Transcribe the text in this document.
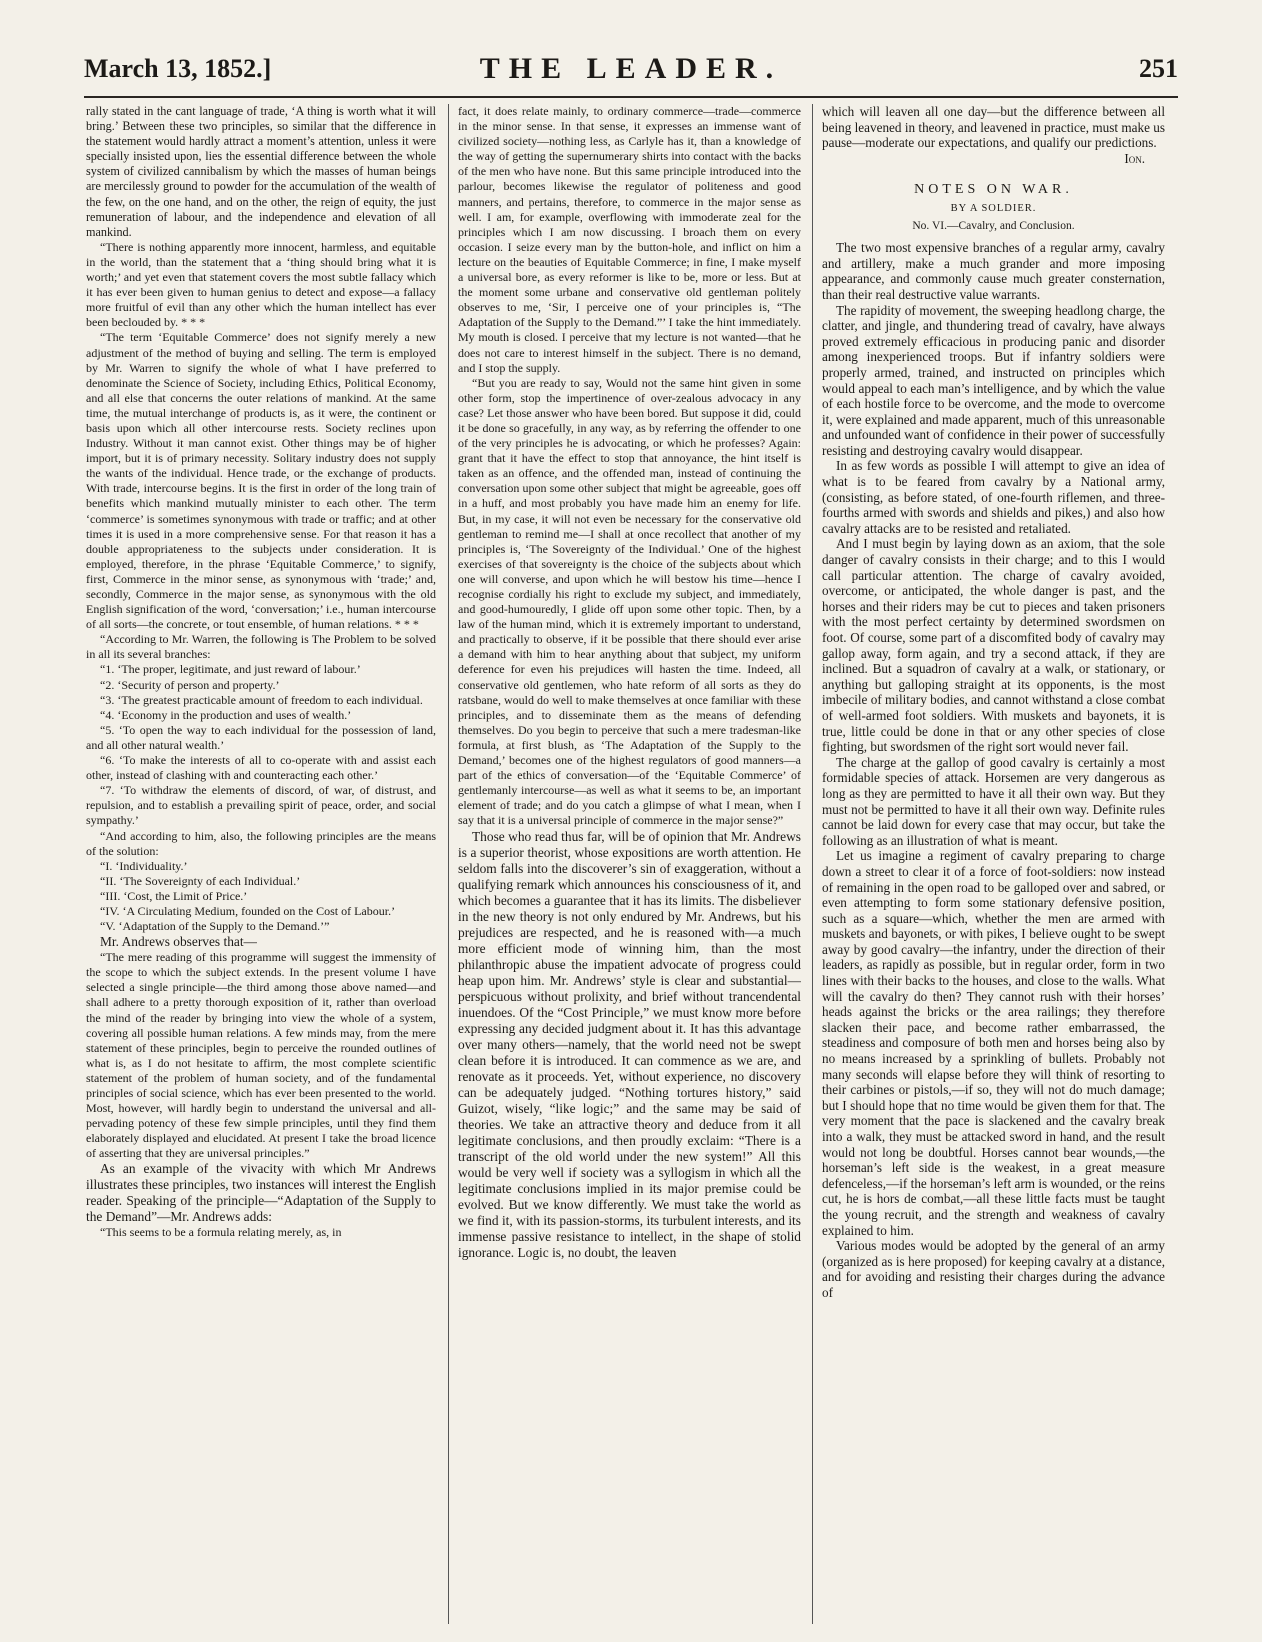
March 13, 1852.]	THE LEADER.	251

rally stated in the cant language of trade, ‘A thing is worth what it will bring.’ Between these two principles, so similar that the difference in the statement would hardly attract a moment’s attention, unless it were specially insisted upon, lies the essential difference between the whole system of civilized cannibalism by which the masses of human beings are mercilessly ground to powder for the accumulation of the wealth of the few, on the one hand, and on the other, the reign of equity, the just remuneration of labour, and the independence and elevation of all mankind.

“There is nothing apparently more innocent, harmless, and equitable in the world, than the statement that a ‘thing should bring what it is worth;’ and yet even that statement covers the most subtle fallacy which it has ever been given to human genius to detect and expose—a fallacy more fruitful of evil than any other which the human intellect has ever been beclouded by. * * *

“The term ‘Equitable Commerce’ does not signify merely a new adjustment of the method of buying and selling. The term is employed by Mr. Warren to signify the whole of what I have preferred to denominate the Science of Society, including Ethics, Political Economy, and all else that concerns the outer relations of mankind. At the same time, the mutual interchange of products is, as it were, the continent or basis upon which all other intercourse rests. Society reclines upon Industry. Without it man cannot exist. Other things may be of higher import, but it is of primary necessity. Solitary industry does not supply the wants of the individual. Hence trade, or the exchange of products. With trade, intercourse begins. It is the first in order of the long train of benefits which mankind mutually minister to each other. The term ‘commerce’ is sometimes synonymous with trade or traffic; and at other times it is used in a more comprehensive sense. For that reason it has a double appropriateness to the subjects under consideration. It is employed, therefore, in the phrase ‘Equitable Commerce,’ to signify, first, Commerce in the minor sense, as synonymous with ‘trade;’ and, secondly, Commerce in the major sense, as synonymous with the old English signification of the word, ‘conversation;’ i.e., human intercourse of all sorts—the concrete, or tout ensemble, of human relations. * * *

“According to Mr. Warren, the following is The Problem to be solved in all its several branches:

“1. ‘The proper, legitimate, and just reward of labour.’

“2. ‘Security of person and property.’

“3. ‘The greatest practicable amount of freedom to each individual.

“4. ‘Economy in the production and uses of wealth.’

“5. ‘To open the way to each individual for the possession of land, and all other natural wealth.’

“6. ‘To make the interests of all to co-operate with and assist each other, instead of clashing with and counteracting each other.’

“7. ‘To withdraw the elements of discord, of war, of distrust, and repulsion, and to establish a prevailing spirit of peace, order, and social sympathy.’

“And according to him, also, the following principles are the means of the solution:

“I. ‘Individuality.’

“II. ‘The Sovereignty of each Individual.’

“III. ‘Cost, the Limit of Price.’

“IV. ‘A Circulating Medium, founded on the Cost of Labour.’

“V. ‘Adaptation of the Supply to the Demand.’”

Mr. Andrews observes that—

“The mere reading of this programme will suggest the immensity of the scope to which the subject extends. In the present volume I have selected a single principle—the third among those above named—and shall adhere to a pretty thorough exposition of it, rather than overload the mind of the reader by bringing into view the whole of a system, covering all possible human relations. A few minds may, from the mere statement of these principles, begin to perceive the rounded outlines of what is, as I do not hesitate to affirm, the most complete scientific statement of the problem of human society, and of the fundamental principles of social science, which has ever been presented to the world. Most, however, will hardly begin to understand the universal and all-pervading potency of these few simple principles, until they find them elaborately displayed and elucidated. At present I take the broad licence of asserting that they are universal principles.”

As an example of the vivacity with which Mr Andrews illustrates these principles, two instances will interest the English reader. Speaking of the principle—“Adaptation of the Supply to the Demand”—Mr. Andrews adds:

“This seems to be a formula relating merely, as, in

fact, it does relate mainly, to ordinary commerce—trade—commerce in the minor sense. In that sense, it expresses an immense want of civilized society—nothing less, as Carlyle has it, than a knowledge of the way of getting the supernumerary shirts into contact with the backs of the men who have none. But this same principle introduced into the parlour, becomes likewise the regulator of politeness and good manners, and pertains, therefore, to commerce in the major sense as well. I am, for example, overflowing with immoderate zeal for the principles which I am now discussing. I broach them on every occasion. I seize every man by the button-hole, and inflict on him a lecture on the beauties of Equitable Commerce; in fine, I make myself a universal bore, as every reformer is like to be, more or less. But at the moment some urbane and conservative old gentleman politely observes to me, ‘Sir, I perceive one of your principles is, “The Adaptation of the Supply to the Demand.”’ I take the hint immediately. My mouth is closed. I perceive that my lecture is not wanted—that he does not care to interest himself in the subject. There is no demand, and I stop the supply.

“But you are ready to say, Would not the same hint given in some other form, stop the impertinence of over-zealous advocacy in any case? Let those answer who have been bored. But suppose it did, could it be done so gracefully, in any way, as by referring the offender to one of the very principles he is advocating, or which he professes? Again: grant that it have the effect to stop that annoyance, the hint itself is taken as an offence, and the offended man, instead of continuing the conversation upon some other subject that might be agreeable, goes off in a huff, and most probably you have made him an enemy for life. But, in my case, it will not even be necessary for the conservative old gentleman to remind me—I shall at once recollect that another of my principles is, ‘The Sovereignty of the Individual.’ One of the highest exercises of that sovereignty is the choice of the subjects about which one will converse, and upon which he will bestow his time—hence I recognise cordially his right to exclude my subject, and immediately, and good-humouredly, I glide off upon some other topic. Then, by a law of the human mind, which it is extremely important to understand, and practically to observe, if it be possible that there should ever arise a demand with him to hear anything about that subject, my uniform deference for even his prejudices will hasten the time. Indeed, all conservative old gentlemen, who hate reform of all sorts as they do ratsbane, would do well to make themselves at once familiar with these principles, and to disseminate them as the means of defending themselves. Do you begin to perceive that such a mere tradesman-like formula, at first blush, as ‘The Adaptation of the Supply to the Demand,’ becomes one of the highest regulators of good manners—a part of the ethics of conversation—of the ‘Equitable Commerce’ of gentlemanly intercourse—as well as what it seems to be, an important element of trade; and do you catch a glimpse of what I mean, when I say that it is a universal principle of commerce in the major sense?”

Those who read thus far, will be of opinion that Mr. Andrews is a superior theorist, whose expositions are worth attention. He seldom falls into the discoverer’s sin of exaggeration, without a qualifying remark which announces his consciousness of it, and which becomes a guarantee that it has its limits. The disbeliever in the new theory is not only endured by Mr. Andrews, but his prejudices are respected, and he is reasoned with—a much more efficient mode of winning him, than the most philanthropic abuse the impatient advocate of progress could heap upon him. Mr. Andrews’ style is clear and substantial—perspicuous without prolixity, and brief without trancendental inuendoes. Of the “Cost Principle,” we must know more before expressing any decided judgment about it. It has this advantage over many others—namely, that the world need not be swept clean before it is introduced. It can commence as we are, and renovate as it proceeds. Yet, without experience, no discovery can be adequately judged. “Nothing tortures history,” said Guizot, wisely, “like logic;” and the same may be said of theories. We take an attractive theory and deduce from it all legitimate conclusions, and then proudly exclaim: “There is a transcript of the old world under the new system!” All this would be very well if society was a syllogism in which all the legitimate conclusions implied in its major premise could be evolved. But we know differently. We must take the world as we find it, with its passion-storms, its turbulent interests, and its immense passive resistance to intellect, in the shape of stolid ignorance. Logic is, no doubt, the leaven

which will leaven all one day—but the difference between all being leavened in theory, and leavened in practice, must make us pause—moderate our expectations, and qualify our predictions.

Ion.
NOTES ON WAR.
BY A SOLDIER.
No. VI.—Cavalry, and Conclusion.

The two most expensive branches of a regular army, cavalry and artillery, make a much grander and more imposing appearance, and commonly cause much greater consternation, than their real destructive value warrants.

The rapidity of movement, the sweeping headlong charge, the clatter, and jingle, and thundering tread of cavalry, have always proved extremely efficacious in producing panic and disorder among inexperienced troops. But if infantry soldiers were properly armed, trained, and instructed on principles which would appeal to each man’s intelligence, and by which the value of each hostile force to be overcome, and the mode to overcome it, were explained and made apparent, much of this unreasonable and unfounded want of confidence in their power of successfully resisting and destroying cavalry would disappear.

In as few words as possible I will attempt to give an idea of what is to be feared from cavalry by a National army, (consisting, as before stated, of one-fourth riflemen, and three-fourths armed with swords and shields and pikes,) and also how cavalry attacks are to be resisted and retaliated.

And I must begin by laying down as an axiom, that the sole danger of cavalry consists in their charge; and to this I would call particular attention. The charge of cavalry avoided, overcome, or anticipated, the whole danger is past, and the horses and their riders may be cut to pieces and taken prisoners with the most perfect certainty by determined swordsmen on foot. Of course, some part of a discomfited body of cavalry may gallop away, form again, and try a second attack, if they are inclined. But a squadron of cavalry at a walk, or stationary, or anything but galloping straight at its opponents, is the most imbecile of military bodies, and cannot withstand a close combat of well-armed foot soldiers. With muskets and bayonets, it is true, little could be done in that or any other species of close fighting, but swordsmen of the right sort would never fail.

The charge at the gallop of good cavalry is certainly a most formidable species of attack. Horsemen are very dangerous as long as they are permitted to have it all their own way. But they must not be permitted to have it all their own way. Definite rules cannot be laid down for every case that may occur, but take the following as an illustration of what is meant.

Let us imagine a regiment of cavalry preparing to charge down a street to clear it of a force of foot-soldiers: now instead of remaining in the open road to be galloped over and sabred, or even attempting to form some stationary defensive position, such as a square—which, whether the men are armed with muskets and bayonets, or with pikes, I believe ought to be swept away by good cavalry—the infantry, under the direction of their leaders, as rapidly as possible, but in regular order, form in two lines with their backs to the houses, and close to the walls. What will the cavalry do then? They cannot rush with their horses’ heads against the bricks or the area railings; they therefore slacken their pace, and become rather embarrassed, the steadiness and composure of both men and horses being also by no means increased by a sprinkling of bullets. Probably not many seconds will elapse before they will think of resorting to their carbines or pistols,—if so, they will not do much damage; but I should hope that no time would be given them for that. The very moment that the pace is slackened and the cavalry break into a walk, they must be attacked sword in hand, and the result would not long be doubtful. Horses cannot bear wounds,—the horseman’s left side is the weakest, in a great measure defenceless,—if the horseman’s left arm is wounded, or the reins cut, he is hors de combat,—all these little facts must be taught the young recruit, and the strength and weakness of cavalry explained to him.

Various modes would be adopted by the general of an army (organized as is here proposed) for keeping cavalry at a distance, and for avoiding and resisting their charges during the advance of
